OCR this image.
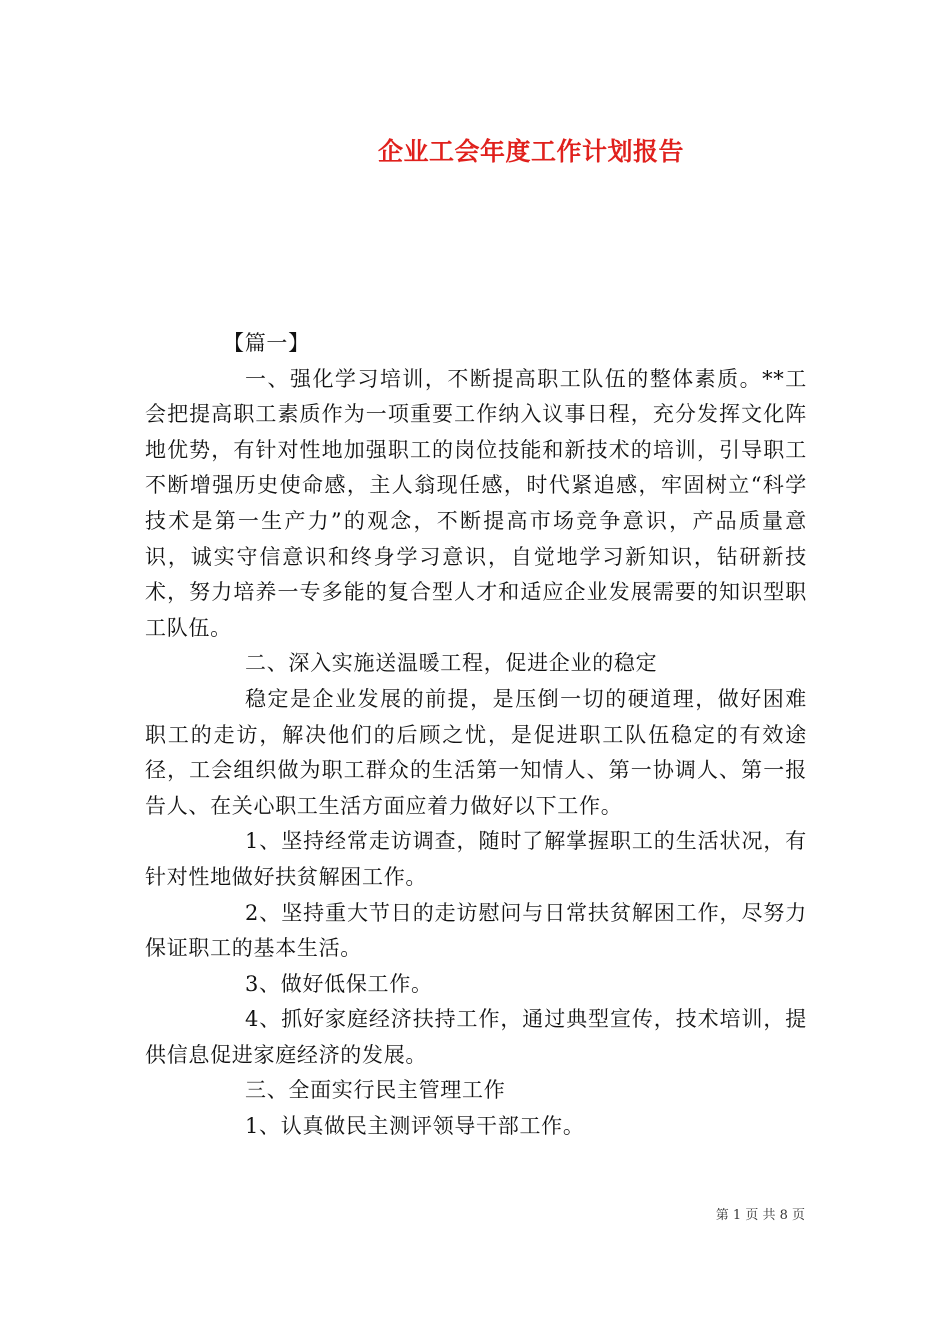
企业工会年度工作计划报告

【篇一】

一、强化学习培训，不断提高职工队伍的整体素质。**工会把提高职工素质作为一项重要工作纳入议事日程，充分发挥文化阵地优势，有针对性地加强职工的岗位技能和新技术的培训，引导职工不断增强历史使命感，主人翁现任感，时代紧追感，牢固树立“科学技术是第一生产力”的观念，不断提高市场竞争意识，产品质量意识，诚实守信意识和终身学习意识，自觉地学习新知识，钻研新技术，努力培养一专多能的复合型人才和适应企业发展需要的知识型职工队伍。

二、深入实施送温暖工程，促进企业的稳定

稳定是企业发展的前提，是压倒一切的硬道理，做好困难职工的走访，解决他们的后顾之忧，是促进职工队伍稳定的有效途径，工会组织做为职工群众的生活第一知情人、第一协调人、第一报告人、在关心职工生活方面应着力做好以下工作。

1、坚持经常走访调查，随时了解掌握职工的生活状况，有针对性地做好扶贫解困工作。

2、坚持重大节日的走访慰问与日常扶贫解困工作，尽努力保证职工的基本生活。

3、做好低保工作。

4、抓好家庭经济扶持工作，通过典型宣传，技术培训，提供信息促进家庭经济的发展。

三、全面实行民主管理工作

1、认真做民主测评领导干部工作。

第 1 页 共 8 页
